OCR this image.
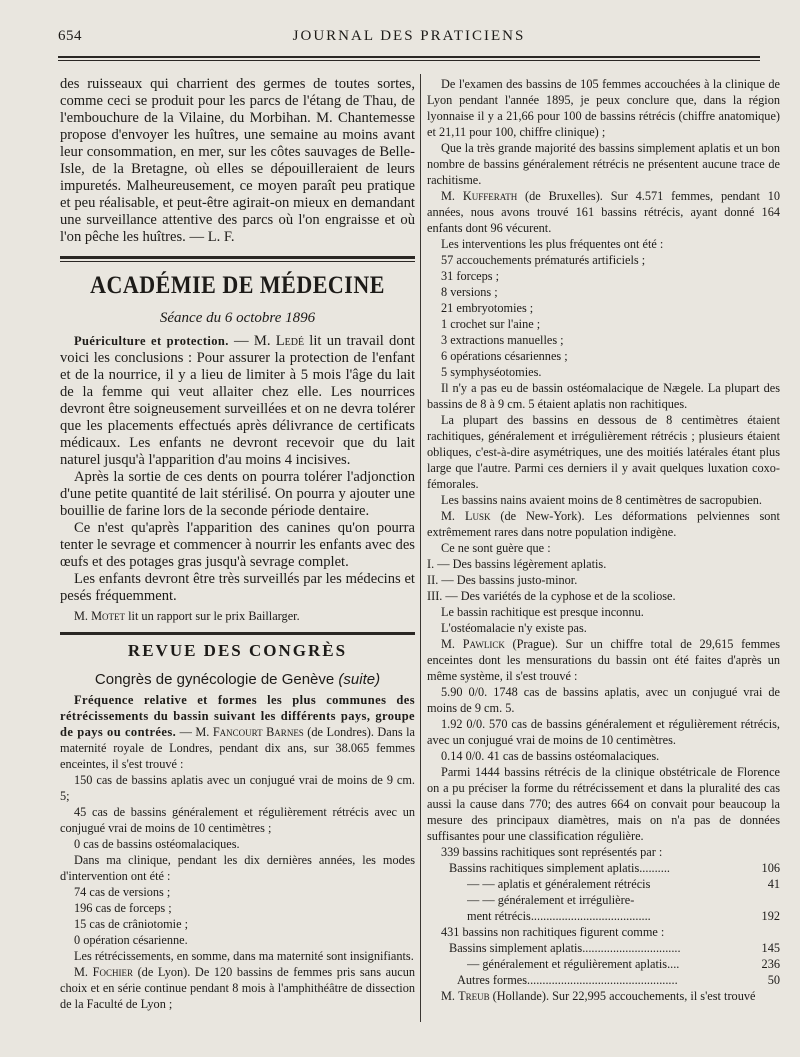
654	JOURNAL DES PRATICIENS

des ruisseaux qui charrient des germes de toutes sortes, comme ceci se produit pour les parcs de l'étang de Thau, de l'embouchure de la Vilaine, du Morbihan. M. Chantemesse propose d'envoyer les huîtres, une semaine au moins avant leur consommation, en mer, sur les côtes sauvages de Belle-Isle, de la Bretagne, où elles se dépouilleraient de leurs impuretés. Malheureusement, ce moyen paraît peu pratique et peu réalisable, et peut-être agirait-on mieux en demandant une surveillance attentive des parcs où l'on engraisse et où l'on pêche les huîtres. — L. F.

ACADÉMIE DE MÉDECINE
Séance du 6 octobre 1896

Puériculture et protection. — M. Ledé lit un travail dont voici les conclusions : Pour assurer la protection de l'enfant et de la nourrice, il y a lieu de limiter à 5 mois l'âge du lait de la femme qui veut allaiter chez elle. Les nourrices devront être soigneusement surveillées et on ne devra tolérer que les placements effectués après délivrance de certificats médicaux. Les enfants ne devront recevoir que du lait naturel jusqu'à l'apparition d'au moins 4 incisives.

Après la sortie de ces dents on pourra tolérer l'adjonction d'une petite quantité de lait stérilisé. On pourra y ajouter une bouillie de farine lors de la seconde période dentaire.

Ce n'est qu'après l'apparition des canines qu'on pourra tenter le sevrage et commencer à nourrir les enfants avec des œufs et des potages gras jusqu'à sevrage complet.

Les enfants devront être très surveillés par les médecins et pesés fréquemment.

M. Motet lit un rapport sur le prix Baillarger.

REVUE DES CONGRÈS
Congrès de gynécologie de Genève (suite)

Fréquence relative et formes les plus communes des rétrécissements du bassin suivant les différents pays, groupe de pays ou contrées. — M. Fancourt Barnes (de Londres). Dans la maternité royale de Londres, pendant dix ans, sur 38.065 femmes enceintes, il s'est trouvé :

150 cas de bassins aplatis avec un conjugué vrai de moins de 9 cm. 5;

45 cas de bassins généralement et régulièrement rétrécis avec un conjugué vrai de moins de 10 centimètres ;

0 cas de bassins ostéomalaciques.

Dans ma clinique, pendant les dix dernières années, les modes d'intervention ont été :

74 cas de versions ;

196 cas de forceps ;

15 cas de crâniotomie ;

0 opération césarienne.

Les rétrécissements, en somme, dans ma maternité sont insignifiants.

M. Fochier (de Lyon). De 120 bassins de femmes pris sans aucun choix et en série continue pendant 8 mois à l'amphithéâtre de dissection de la Faculté de Lyon ;

De l'examen des bassins de 105 femmes accouchées à la clinique de Lyon pendant l'année 1895, je peux conclure que, dans la région lyonnaise il y a 21,66 pour 100 de bassins rétrécis (chiffre anatomique) et 21,11 pour 100, chiffre clinique) ;

Que la très grande majorité des bassins simplement aplatis et un bon nombre de bassins généralement rétrécis ne présentent aucune trace de rachitisme.

M. Kufferath (de Bruxelles). Sur 4.571 femmes, pendant 10 années, nous avons trouvé 161 bassins rétrécis, ayant donné 164 enfants dont 96 vécurent.

Les interventions les plus fréquentes ont été :

57 accouchements prématurés artificiels ;

31 forceps ;

8 versions ;

21 embryotomies ;

1 crochet sur l'aine ;

3 extractions manuelles ;

6 opérations césariennes ;

5 symphyséotomies.

Il n'y a pas eu de bassin ostéomalacique de Nægele. La plupart des bassins de 8 à 9 cm. 5 étaient aplatis non rachitiques.

La plupart des bassins en dessous de 8 centimètres étaient rachitiques, généralement et irrégulièrement rétrécis ; plusieurs étaient obliques, c'est-à-dire asymétriques, une des moitiés latérales étant plus large que l'autre. Parmi ces derniers il y avait quelques luxation coxo-fémorales.

Les bassins nains avaient moins de 8 centimètres de sacropubien.

M. Lusk (de New-York). Les déformations pelviennes sont extrêmement rares dans notre population indigène.

Ce ne sont guère que :

I. — Des bassins légèrement aplatis.

II. — Des bassins justo-minor.

III. — Des variétés de la cyphose et de la scoliose.

Le bassin rachitique est presque inconnu.

L'ostéomalacie n'y existe pas.

M. Pawlick (Prague). Sur un chiffre total de 29,615 femmes enceintes dont les mensurations du bassin ont été faites d'après un même système, il s'est trouvé :

5.90 0/0. 1748 cas de bassins aplatis, avec un conjugué vrai de moins de 9 cm. 5.

1.92 0/0. 570 cas de bassins généralement et régulièrement rétrécis, avec un conjugué vrai de moins de 10 centimètres.

0.14 0/0. 41 cas de bassins ostéomalaciques.

Parmi 1444 bassins rétrécis de la clinique obstétricale de Florence on a pu préciser la forme du rétrécissement et dans la pluralité des cas aussi la cause dans 770; des autres 664 on convait pour beaucoup la mesure des principaux diamètres, mais on n'a pas de données suffisantes pour une classification régulière.

339 bassins rachitiques sont représentés par :

Bassins rachitiques simplement aplatis..........	106
— — aplatis et généralement rétrécis	41
— — généralement et irrégulière-
ment rétrécis.......................................	192

431 bassins non rachitiques figurent comme :

Bassins simplement aplatis................................	145
— généralement et régulièrement aplatis....	236
Autres formes.................................................	50

M. Treub (Hollande). Sur 22,995 accouchements, il s'est trouvé
